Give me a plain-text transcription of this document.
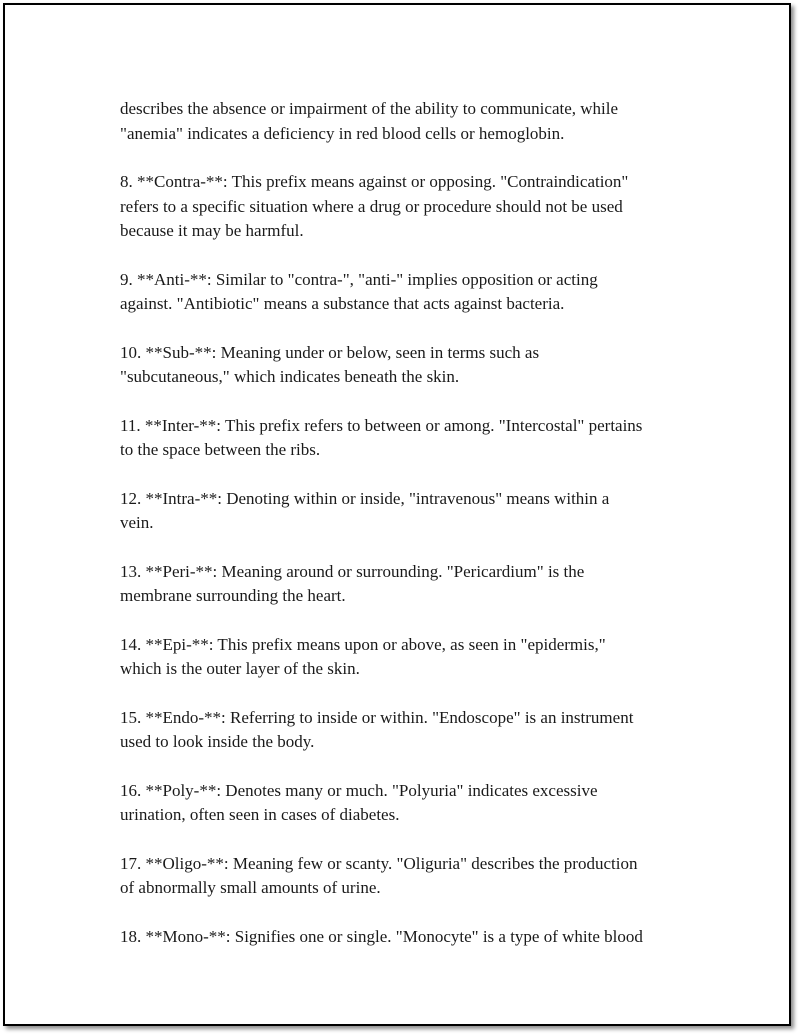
describes the absence or impairment of the ability to communicate, while
"anemia" indicates a deficiency in red blood cells or hemoglobin.

8. **Contra-**: This prefix means against or opposing. "Contraindication"
refers to a specific situation where a drug or procedure should not be used
because it may be harmful.

9. **Anti-**: Similar to "contra-", "anti-" implies opposition or acting
against. "Antibiotic" means a substance that acts against bacteria.

10. **Sub-**: Meaning under or below, seen in terms such as
"subcutaneous," which indicates beneath the skin.

11. **Inter-**: This prefix refers to between or among. "Intercostal" pertains
to the space between the ribs.

12. **Intra-**: Denoting within or inside, "intravenous" means within a
vein.

13. **Peri-**: Meaning around or surrounding. "Pericardium" is the
membrane surrounding the heart.

14. **Epi-**: This prefix means upon or above, as seen in "epidermis,"
which is the outer layer of the skin.

15. **Endo-**: Referring to inside or within. "Endoscope" is an instrument
used to look inside the body.

16. **Poly-**: Denotes many or much. "Polyuria" indicates excessive
urination, often seen in cases of diabetes.

17. **Oligo-**: Meaning few or scanty. "Oliguria" describes the production
of abnormally small amounts of urine.

18. **Mono-**: Signifies one or single. "Monocyte" is a type of white blood
